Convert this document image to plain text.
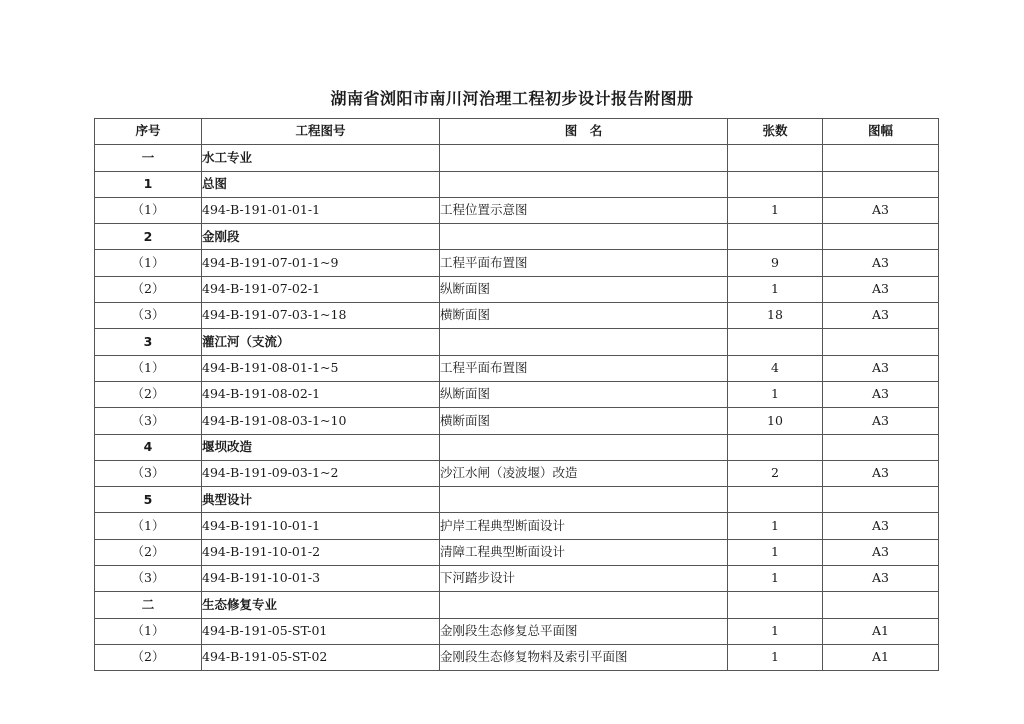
湖南省浏阳市南川河治理工程初步设计报告附图册
序号	工程图号	图　名	张数	图幅
一	水工专业			
1	总图			
（1）	494-B-191-01-01-1	工程位置示意图	1	A3
2	金刚段			
（1）	494-B-191-07-01-1~9	工程平面布置图	9	A3
（2）	494-B-191-07-02-1	纵断面图	1	A3
（3）	494-B-191-07-03-1~18	横断面图	18	A3
3	灌江河（支流）			
（1）	494-B-191-08-01-1~5	工程平面布置图	4	A3
（2）	494-B-191-08-02-1	纵断面图	1	A3
（3）	494-B-191-08-03-1~10	横断面图	10	A3
4	堰坝改造			
（3）	494-B-191-09-03-1~2	沙江水闸（凌波堰）改造	2	A3
5	典型设计			
（1）	494-B-191-10-01-1	护岸工程典型断面设计	1	A3
（2）	494-B-191-10-01-2	清障工程典型断面设计	1	A3
（3）	494-B-191-10-01-3	下河踏步设计	1	A3
二	生态修复专业			
（1）	494-B-191-05-ST-01	金刚段生态修复总平面图	1	A1
（2）	494-B-191-05-ST-02	金刚段生态修复物料及索引平面图	1	A1
